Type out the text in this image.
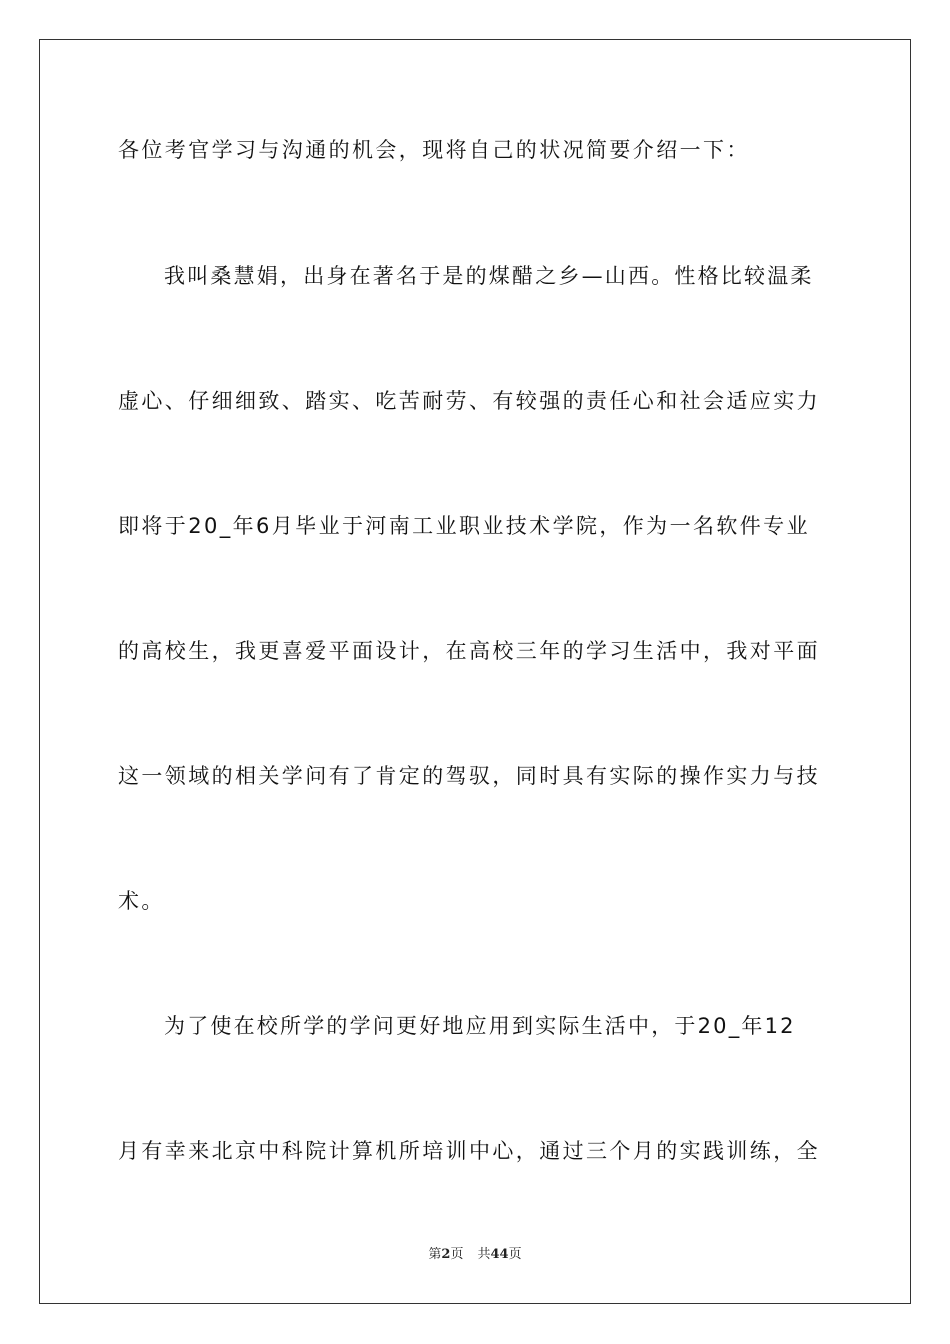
各位考官学习与沟通的机会，现将自己的状况简要介绍一下：
我叫桑慧娟，出身在著名于是的煤醋之乡—山西。性格比较温柔
虚心、仔细细致、踏实、吃苦耐劳、有较强的责任心和社会适应实力
即将于20_年6月毕业于河南工业职业技术学院，作为一名软件专业
的高校生，我更喜爱平面设计，在高校三年的学习生活中，我对平面
这一领域的相关学问有了肯定的驾驭，同时具有实际的操作实力与技
术。
为了使在校所学的学问更好地应用到实际生活中，于20_年12
月有幸来北京中科院计算机所培训中心，通过三个月的实践训练，全
第2页 共44页
